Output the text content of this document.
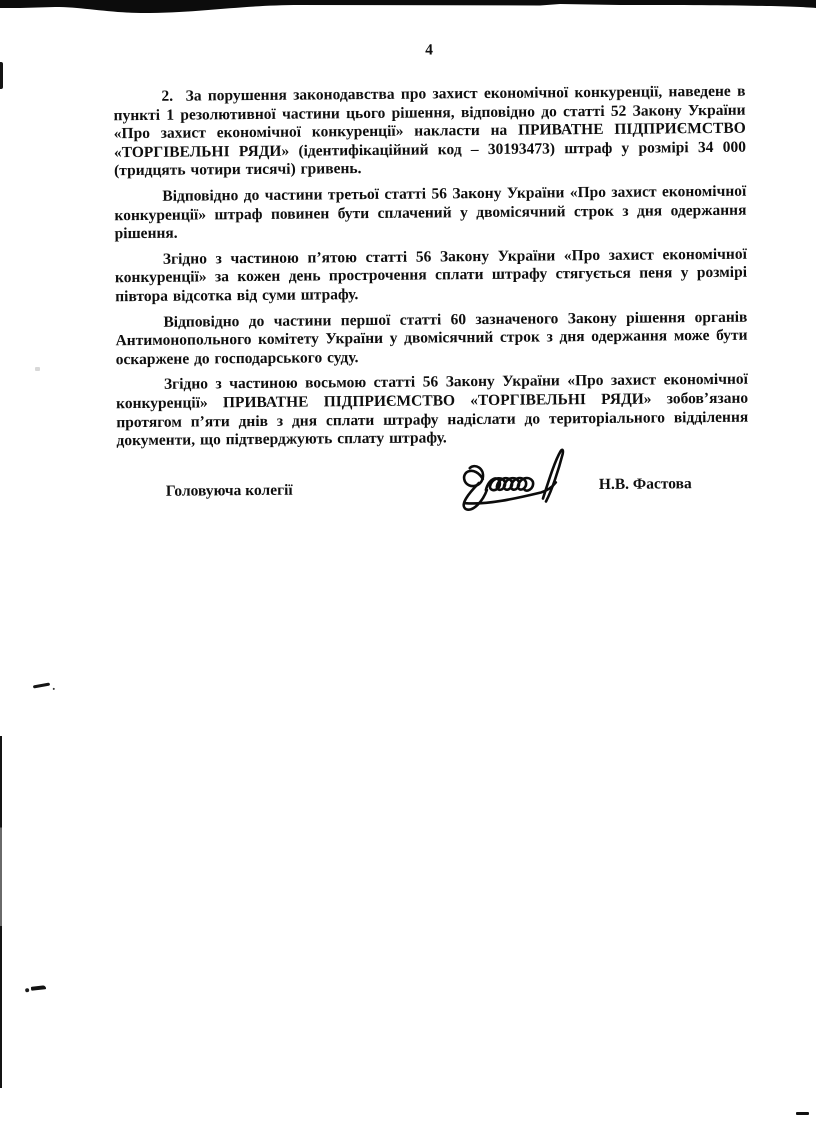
4

2.  За порушення законодавства про захист економічної конкуренції, наведене в пункті 1 резолютивної частини цього рішення, відповідно до статті 52 Закону України «Про захист економічної конкуренції» накласти на ПРИВАТНЕ ПІДПРИЄМСТВО «ТОРГІВЕЛЬНІ РЯДИ» (ідентифікаційний код – 30193473) штраф у розмірі 34 000 (тридцять чотири тисячі) гривень.

Відповідно до частини третьої статті 56 Закону України «Про захист економічної конкуренції» штраф повинен бути сплачений у двомісячний строк з дня одержання рішення.

Згідно з частиною п’ятою статті 56 Закону України «Про захист економічної конкуренції» за кожен день прострочення сплати штрафу стягується пеня у розмірі півтора відсотка від суми штрафу.

Відповідно до частини першої статті 60 зазначеного Закону рішення органів Антимонопольного комітету України у двомісячний строк з дня одержання може бути оскаржене до господарського суду.

Згідно з частиною восьмою статті 56 Закону України «Про захист економічної конкуренції» ПРИВАТНЕ ПІДПРИЄМСТВО «ТОРГІВЕЛЬНІ РЯДИ» зобов’язано протягом п’яти днів з дня сплати штрафу надіслати до територіального відділення документи, що підтверджують сплату штрафу.

Головуюча колегії	Н.В. Фастова
